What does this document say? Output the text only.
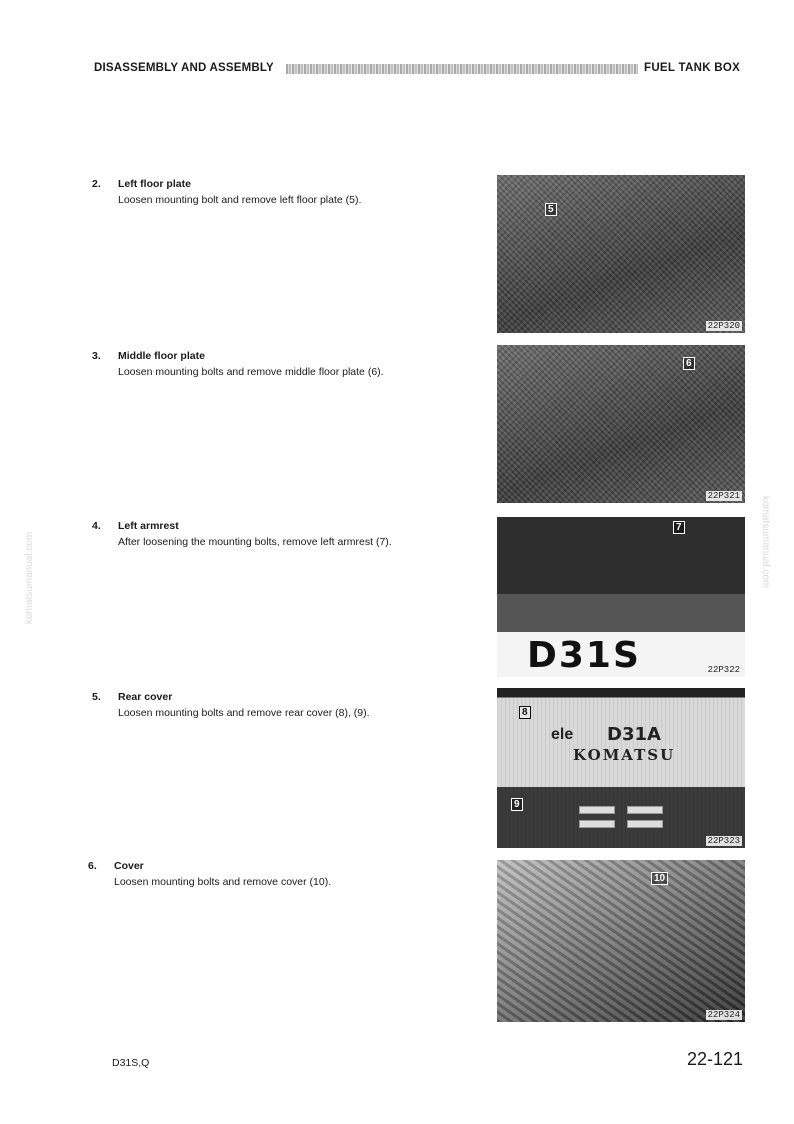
DISASSEMBLY AND ASSEMBLY	FUEL TANK BOX
2. Left floor plate
Loosen mounting bolt and remove left floor plate (5).
5
22P320
3. Middle floor plate
Loosen mounting bolts and remove middle floor plate (6).
6
22P321
4. Left armrest
After loosening the mounting bolts, remove left armrest (7).
7
D31S	22P322
5. Rear cover
Loosen mounting bolts and remove rear cover (8), (9).	8
ele D31A
KOMATSU
9
22P323
6. Cover
Loosen mounting bolts and remove cover (10).	10
22P324
komatsumanual.com	komatsumanual.com
D31S,Q	22-121
